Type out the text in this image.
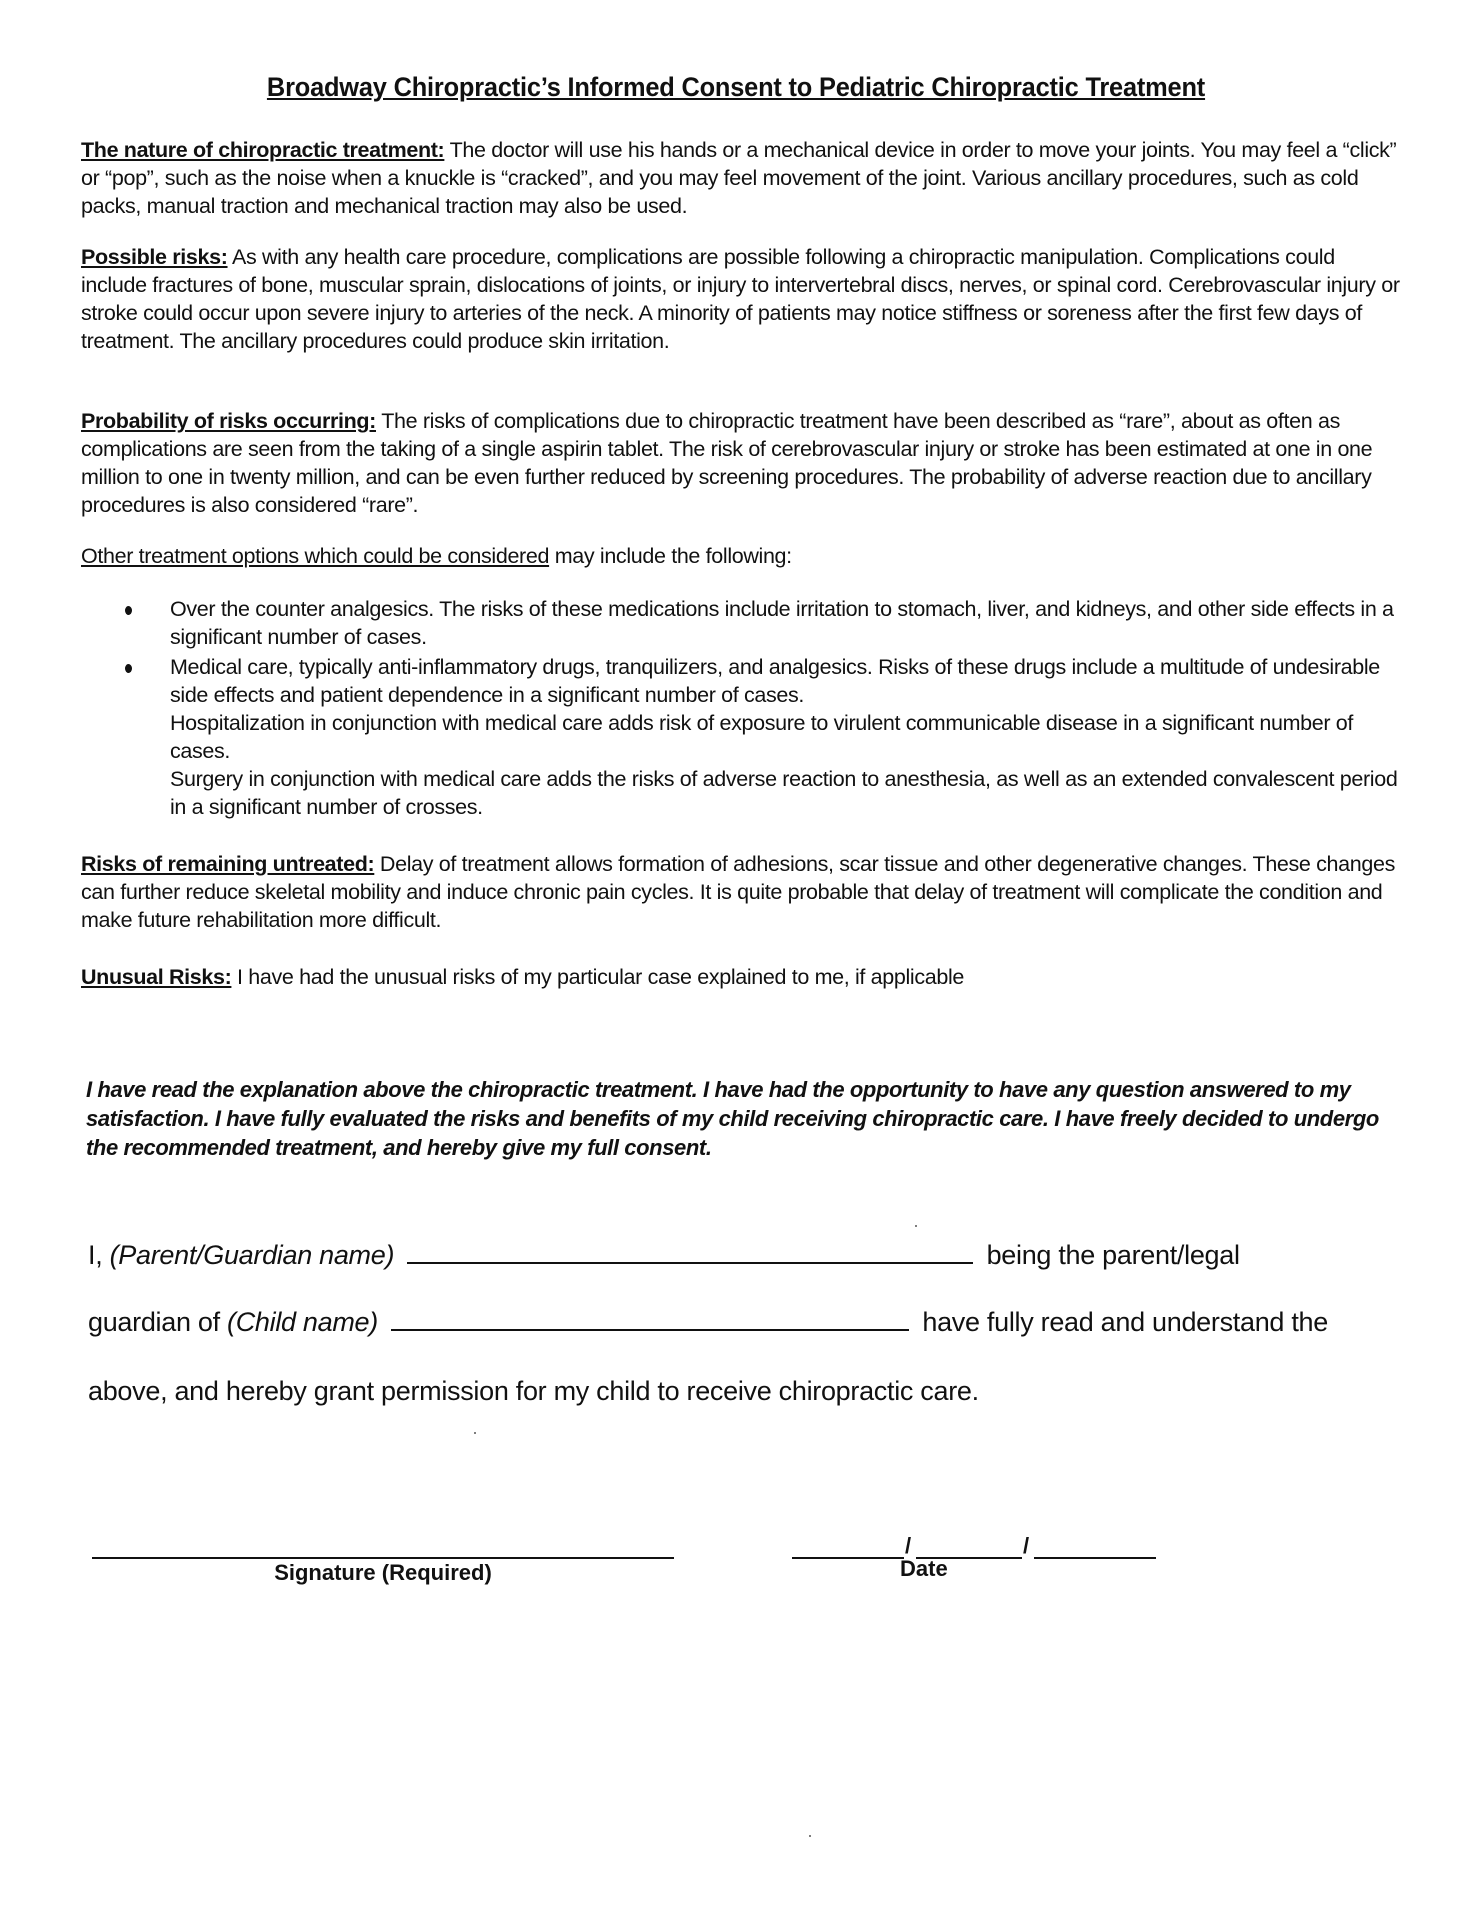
Broadway Chiropractic’s Informed Consent to Pediatric Chiropractic Treatment
The nature of chiropractic treatment: The doctor will use his hands or a mechanical device in order to move your joints. You may feel a “click” or “pop”, such as the noise when a knuckle is “cracked”, and you may feel movement of the joint. Various ancillary procedures, such as cold packs, manual traction and mechanical traction may also be used.
Possible risks: As with any health care procedure, complications are possible following a chiropractic manipulation. Complications could include fractures of bone, muscular sprain, dislocations of joints, or injury to intervertebral discs, nerves, or spinal cord. Cerebrovascular injury or stroke could occur upon severe injury to arteries of the neck. A minority of patients may notice stiffness or soreness after the first few days of treatment. The ancillary procedures could produce skin irritation.
Probability of risks occurring: The risks of complications due to chiropractic treatment have been described as “rare”, about as often as complications are seen from the taking of a single aspirin tablet. The risk of cerebrovascular injury or stroke has been estimated at one in one million to one in twenty million, and can be even further reduced by screening procedures. The probability of adverse reaction due to ancillary procedures is also considered “rare”.
Other treatment options which could be considered may include the following:
Over the counter analgesics. The risks of these medications include irritation to stomach, liver, and kidneys, and other side effects in a significant number of cases.
Medical care, typically anti-inflammatory drugs, tranquilizers, and analgesics. Risks of these drugs include a multitude of undesirable side effects and patient dependence in a significant number of cases.
Hospitalization in conjunction with medical care adds risk of exposure to virulent communicable disease in a significant number of cases.
Surgery in conjunction with medical care adds the risks of adverse reaction to anesthesia, as well as an extended convalescent period in a significant number of crosses.
Risks of remaining untreated: Delay of treatment allows formation of adhesions, scar tissue and other degenerative changes. These changes can further reduce skeletal mobility and induce chronic pain cycles. It is quite probable that delay of treatment will complicate the condition and make future rehabilitation more difficult.
Unusual Risks: I have had the unusual risks of my particular case explained to me, if applicable
I have read the explanation above the chiropractic treatment. I have had the opportunity to have any question answered to my satisfaction. I have fully evaluated the risks and benefits of my child receiving chiropractic care. I have freely decided to undergo the recommended treatment, and hereby give my full consent.
I, (Parent/Guardian name)	being the parent/legal
guardian of (Child name)	have fully read and understand the
above, and hereby grant permission for my child to receive chiropractic care.
Signature (Required)
/	/
Date
